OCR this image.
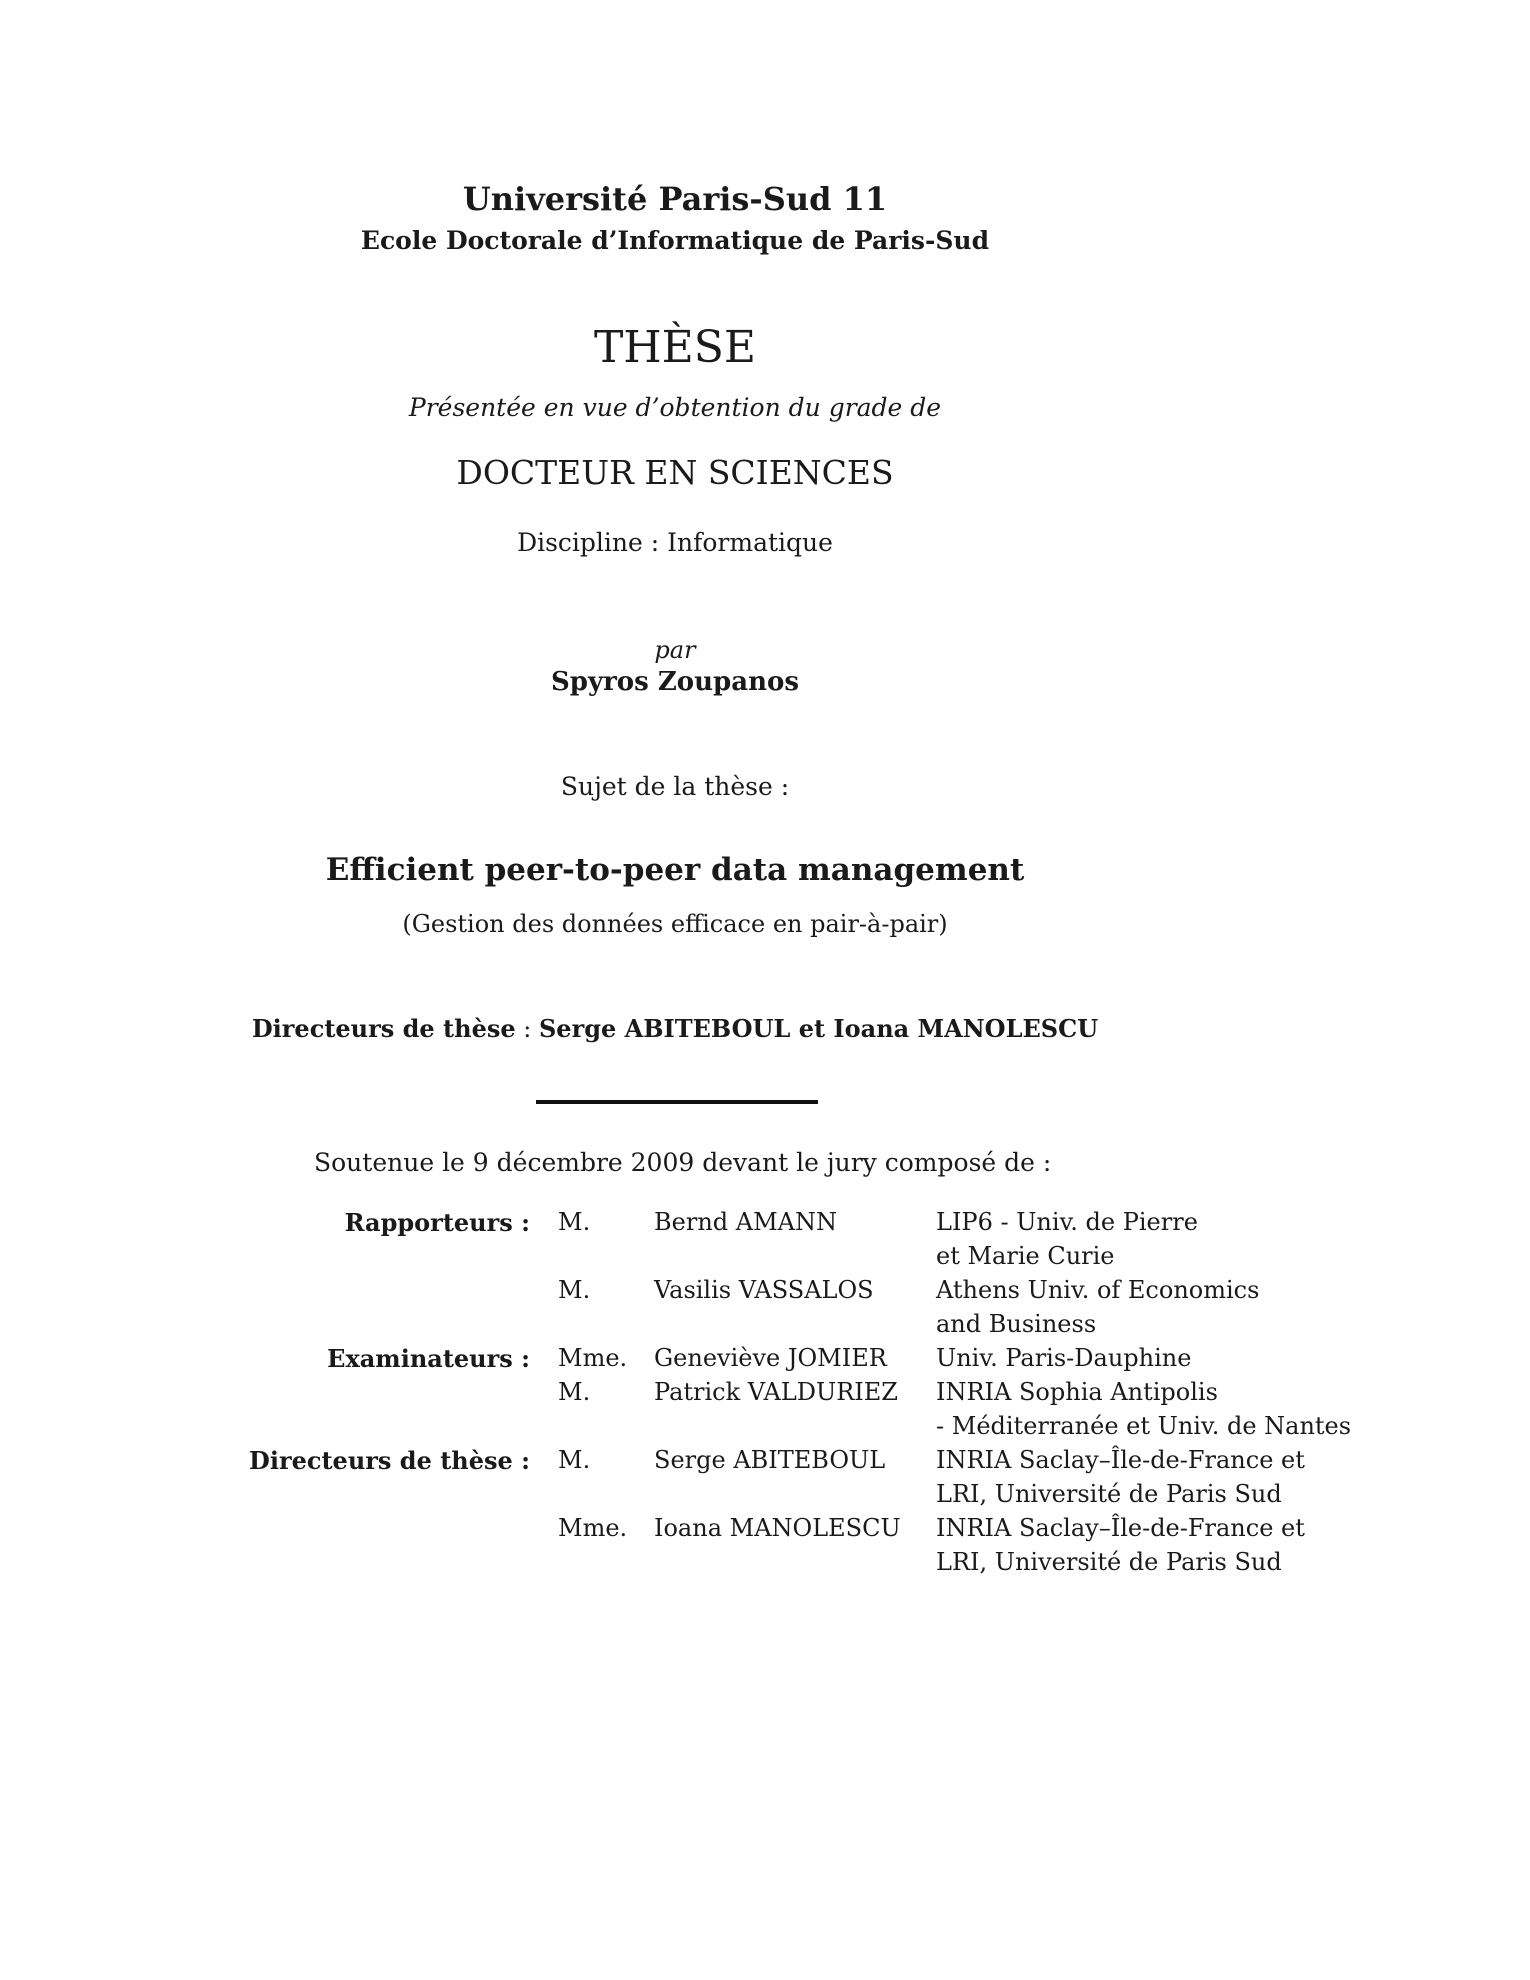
Université Paris-Sud 11
Ecole Doctorale d’Informatique de Paris-Sud
THÈSE
Présentée en vue d’obtention du grade de
DOCTEUR EN SCIENCES
Discipline : Informatique
par
Spyros Zoupanos
Sujet de la thèse :
Efficient peer-to-peer data management
(Gestion des données efficace en pair-à-pair)
Directeurs de thèse : Serge ABITEBOUL et Ioana MANOLESCU
Soutenue le 9 décembre 2009 devant le jury composé de :
Rapporteurs : M.	Bernd AMANN	LIP6 - Univ. de Pierre
et Marie Curie
M.	Vasilis VASSALOS	Athens Univ. of Economics
and Business
Examinateurs : Mme. Geneviève JOMIER Univ. Paris-Dauphine
M.	Patrick VALDURIEZ INRIA Sophia Antipolis
- Méditerranée et Univ. de Nantes
Directeurs de thèse : M.	Serge ABITEBOUL INRIA Saclay–Île-de-France et
LRI, Université de Paris Sud
Mme. Ioana MANOLESCU INRIA Saclay–Île-de-France et
LRI, Université de Paris Sud
